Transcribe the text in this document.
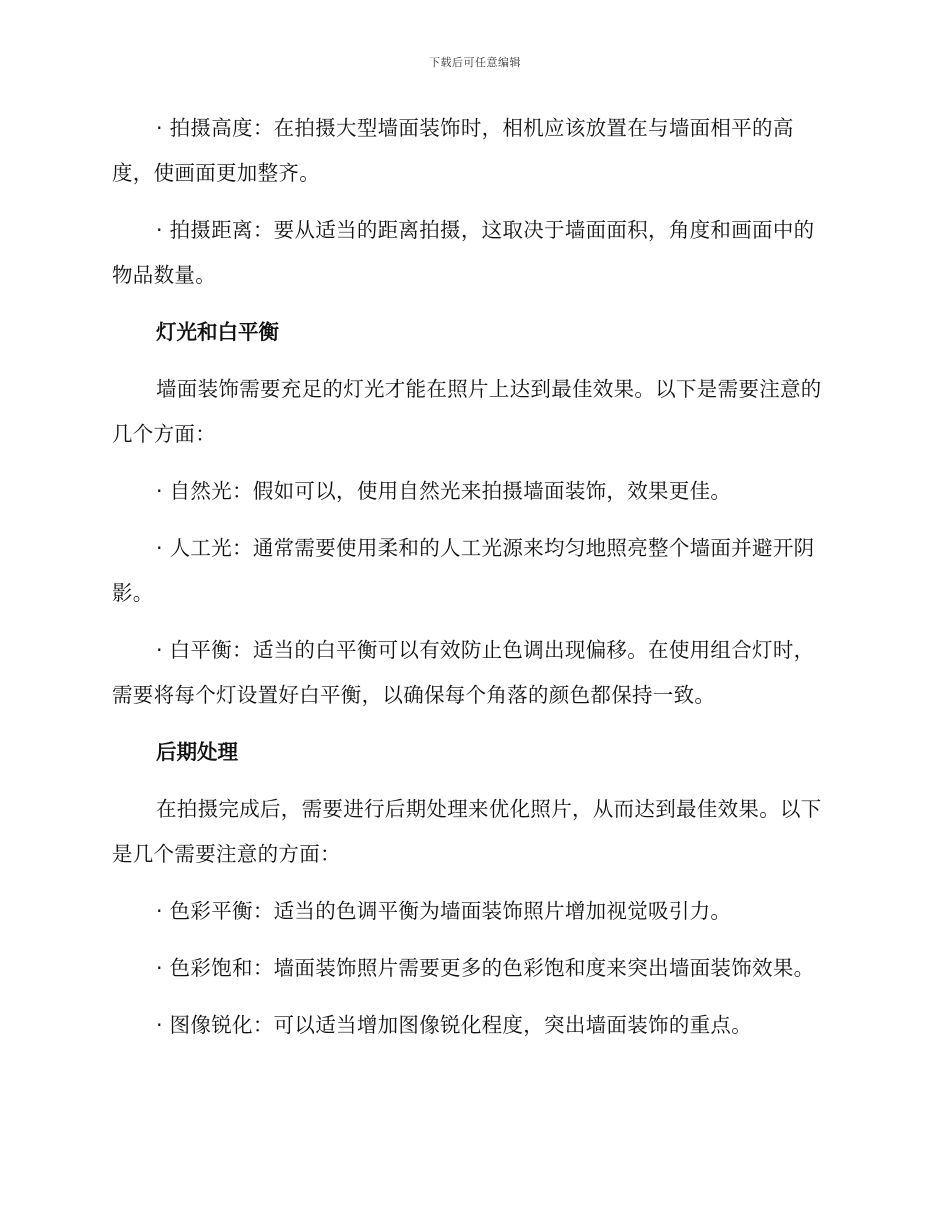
下载后可任意编辑

· 拍摄高度：在拍摄大型墙面装饰时，相机应该放置在与墙面相平的高度，使画面更加整齐。

· 拍摄距离：要从适当的距离拍摄，这取决于墙面面积，角度和画面中的物品数量。

灯光和白平衡

墙面装饰需要充足的灯光才能在照片上达到最佳效果。以下是需要注意的几个方面：

· 自然光：假如可以，使用自然光来拍摄墙面装饰，效果更佳。

· 人工光：通常需要使用柔和的人工光源来均匀地照亮整个墙面并避开阴影。

· 白平衡：适当的白平衡可以有效防止色调出现偏移。在使用组合灯时，需要将每个灯设置好白平衡，以确保每个角落的颜色都保持一致。

后期处理

在拍摄完成后，需要进行后期处理来优化照片，从而达到最佳效果。以下是几个需要注意的方面：

· 色彩平衡：适当的色调平衡为墙面装饰照片增加视觉吸引力。

· 色彩饱和：墙面装饰照片需要更多的色彩饱和度来突出墙面装饰效果。

· 图像锐化：可以适当增加图像锐化程度，突出墙面装饰的重点。
